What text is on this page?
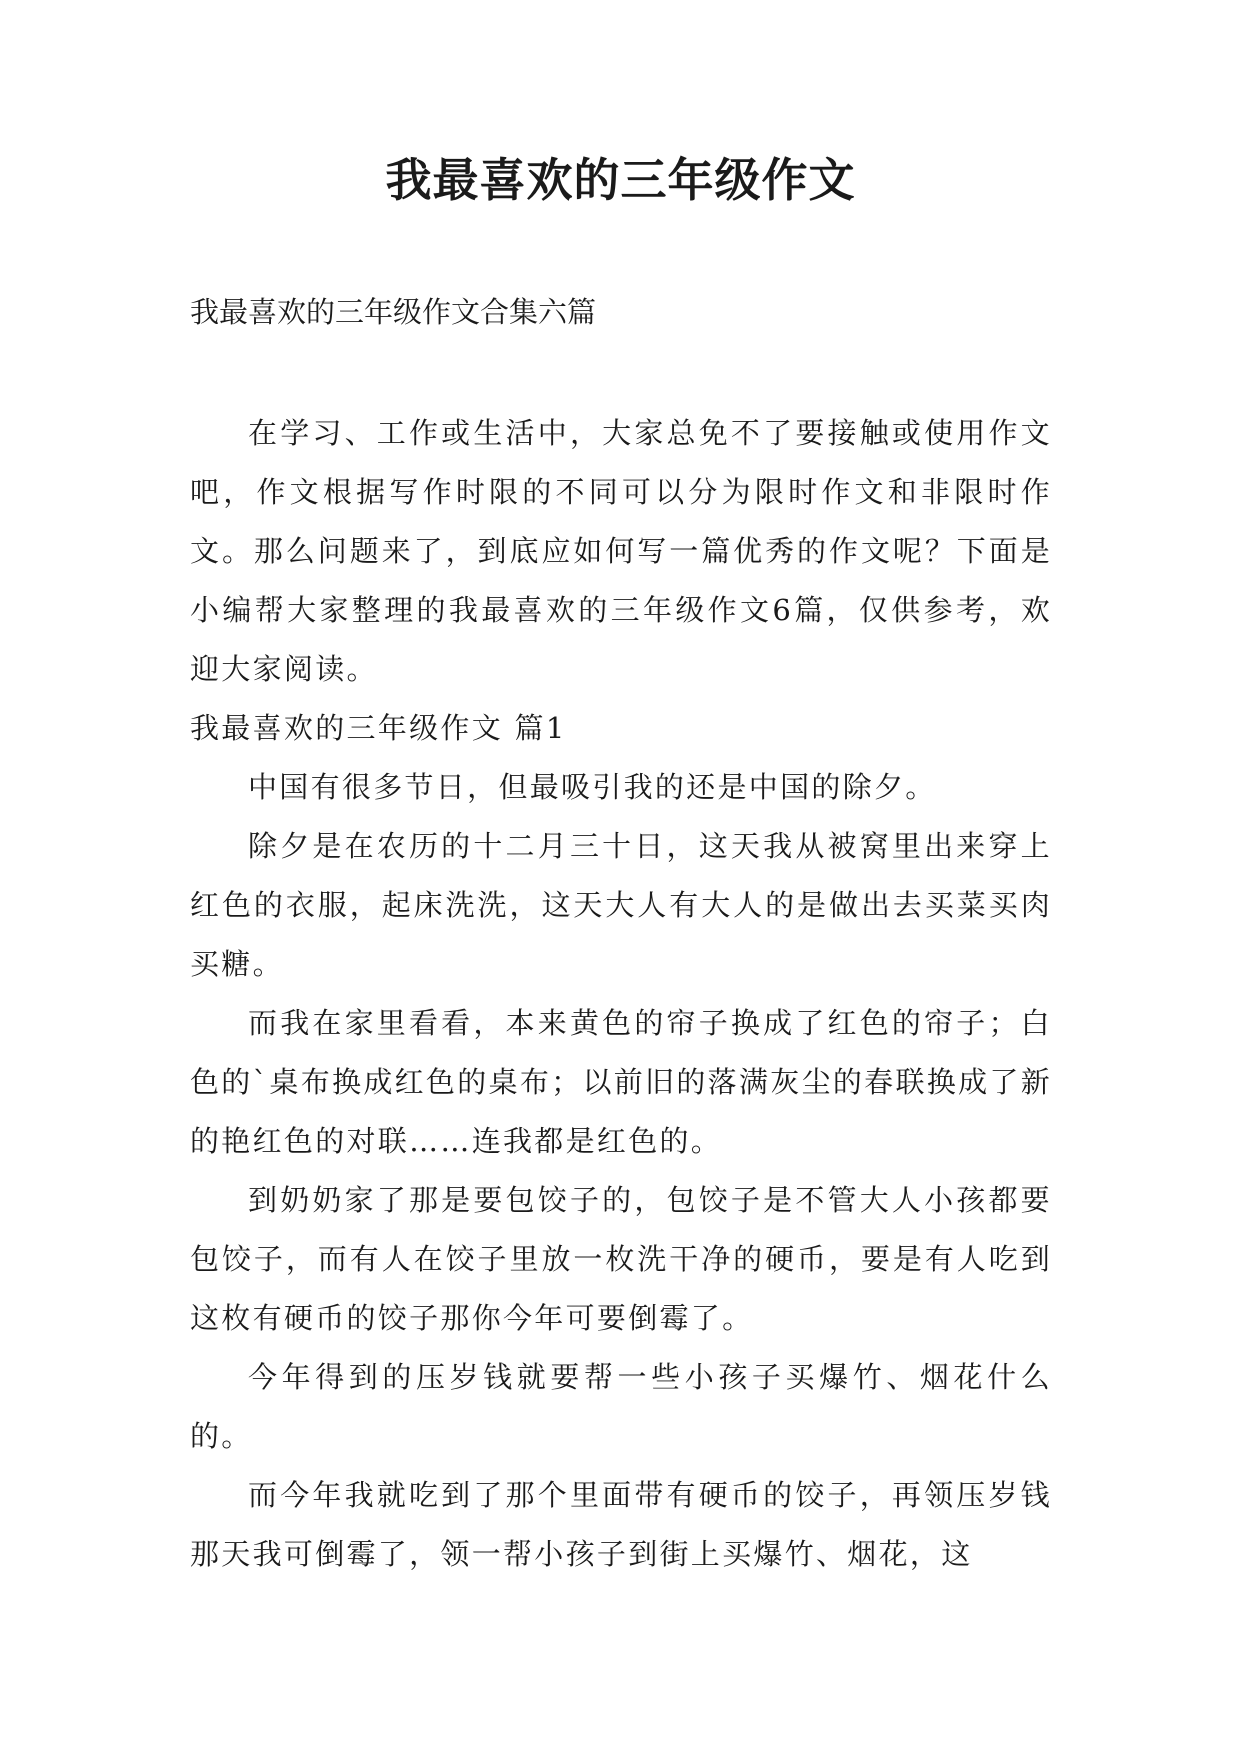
我最喜欢的三年级作文

我最喜欢的三年级作文合集六篇

在学习、工作或生活中，大家总免不了要接触或使用作文吧，作文根据写作时限的不同可以分为限时作文和非限时作文。那么问题来了，到底应如何写一篇优秀的作文呢？下面是小编帮大家整理的我最喜欢的三年级作文6篇，仅供参考，欢迎大家阅读。

我最喜欢的三年级作文 篇1

中国有很多节日，但最吸引我的还是中国的除夕。

除夕是在农历的十二月三十日，这天我从被窝里出来穿上红色的衣服，起床洗洗，这天大人有大人的是做出去买菜买肉买糖。

而我在家里看看，本来黄色的帘子换成了红色的帘子；白色的`桌布换成红色的桌布；以前旧的落满灰尘的春联换成了新的艳红色的对联……连我都是红色的。

到奶奶家了那是要包饺子的，包饺子是不管大人小孩都要包饺子，而有人在饺子里放一枚洗干净的硬币，要是有人吃到这枚有硬币的饺子那你今年可要倒霉了。

今年得到的压岁钱就要帮一些小孩子买爆竹、烟花什么的。

而今年我就吃到了那个里面带有硬币的饺子，再领压岁钱那天我可倒霉了，领一帮小孩子到街上买爆竹、烟花，这
